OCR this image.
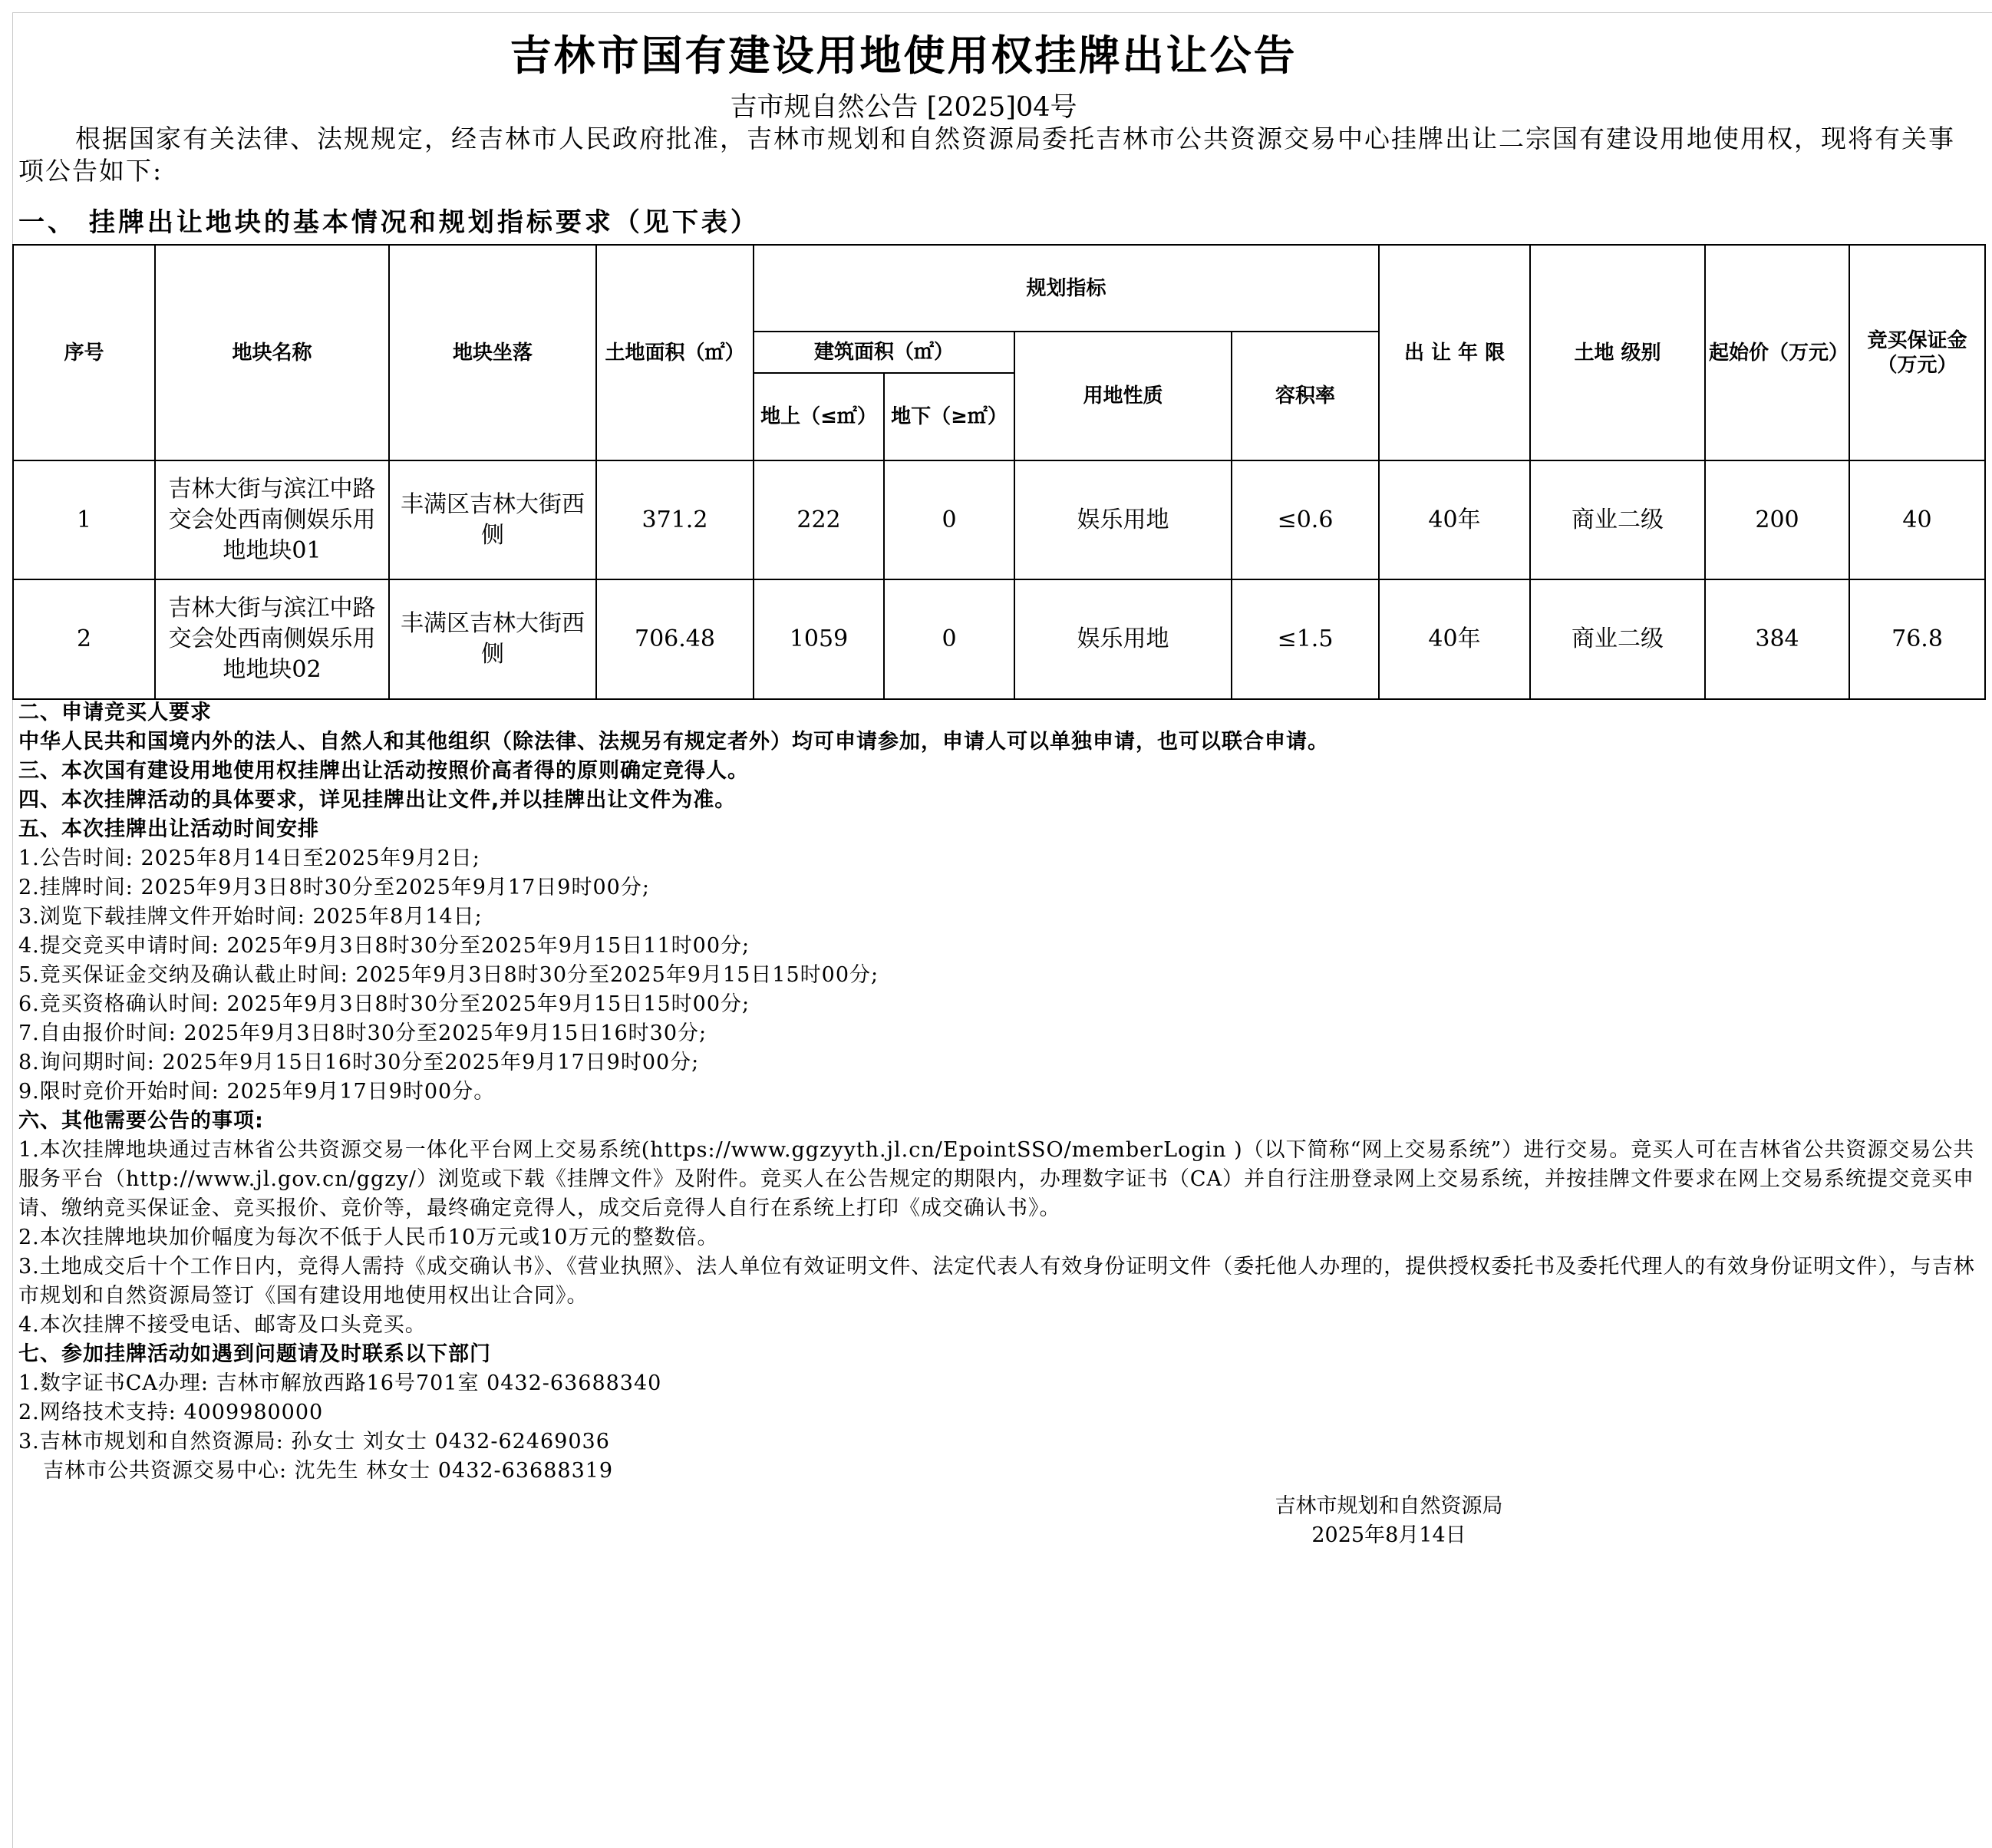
吉林市国有建设用地使用权挂牌出让公告
吉市规自然公告 [2025]04号
根据国家有关法律、法规规定，经吉林市人民政府批准，吉林市规划和自然资源局委托吉林市公共资源交易中心挂牌出让二宗国有建设用地使用权，现将有关事项公告如下:
一、 挂牌出让地块的基本情况和规划指标要求（见下表）
序号	地块名称	地块坐落	土地面积（㎡）	规划指标				出 让 年 限	土地 级别	起始价（万元）	竞买保证金（万元）
				建筑面积（㎡）		用地性质	容积率				
				地上（≤㎡）	地下（≥㎡）						
1	吉林大街与滨江中路交会处西南侧娱乐用地地块01	丰满区吉林大街西侧	371.2	222	0	娱乐用地	≤0.6	40年	商业二级	200	40
2	吉林大街与滨江中路交会处西南侧娱乐用地地块02	丰满区吉林大街西侧	706.48	1059	0	娱乐用地	≤1.5	40年	商业二级	384	76.8
二、申请竞买人要求
中华人民共和国境内外的法人、自然人和其他组织（除法律、法规另有规定者外）均可申请参加，申请人可以单独申请，也可以联合申请。
三、本次国有建设用地使用权挂牌出让活动按照价高者得的原则确定竞得人。
四、本次挂牌活动的具体要求，详见挂牌出让文件,并以挂牌出让文件为准。
五、本次挂牌出让活动时间安排
1.公告时间: 2025年8月14日至2025年9月2日;
2.挂牌时间: 2025年9月3日8时30分至2025年9月17日9时00分;
3.浏览下载挂牌文件开始时间: 2025年8月14日;
4.提交竞买申请时间: 2025年9月3日8时30分至2025年9月15日11时00分;
5.竞买保证金交纳及确认截止时间: 2025年9月3日8时30分至2025年9月15日15时00分;
6.竞买资格确认时间: 2025年9月3日8时30分至2025年9月15日15时00分;
7.自由报价时间: 2025年9月3日8时30分至2025年9月15日16时30分;
8.询问期时间: 2025年9月15日16时30分至2025年9月17日9时00分;
9.限时竞价开始时间: 2025年9月17日9时00分。
六、其他需要公告的事项:
1.本次挂牌地块通过吉林省公共资源交易一体化平台网上交易系统(https://www.ggzyyth.jl.cn/EpointSSO/memberLogin )（以下简称“网上交易系统”）进行交易。竞买人可在吉林省公共资源交易公共服务平台（http://www.jl.gov.cn/ggzy/）浏览或下载《挂牌文件》及附件。竞买人在公告规定的期限内，办理数字证书（CA）并自行注册登录网上交易系统，并按挂牌文件要求在网上交易系统提交竞买申请、缴纳竞买保证金、竞买报价、竞价等，最终确定竞得人，成交后竞得人自行在系统上打印《成交确认书》。
2.本次挂牌地块加价幅度为每次不低于人民币10万元或10万元的整数倍。
3.土地成交后十个工作日内，竞得人需持《成交确认书》、《营业执照》、法人单位有效证明文件、法定代表人有效身份证明文件（委托他人办理的，提供授权委托书及委托代理人的有效身份证明文件），与吉林市规划和自然资源局签订《国有建设用地使用权出让合同》。
4.本次挂牌不接受电话、邮寄及口头竞买。
七、参加挂牌活动如遇到问题请及时联系以下部门
1.数字证书CA办理: 吉林市解放西路16号701室 0432-63688340
2.网络技术支持: 4009980000
3.吉林市规划和自然资源局: 孙女士 刘女士 0432-62469036
吉林市公共资源交易中心: 沈先生 林女士 0432-63688319
吉林市规划和自然资源局
2025年8月14日
